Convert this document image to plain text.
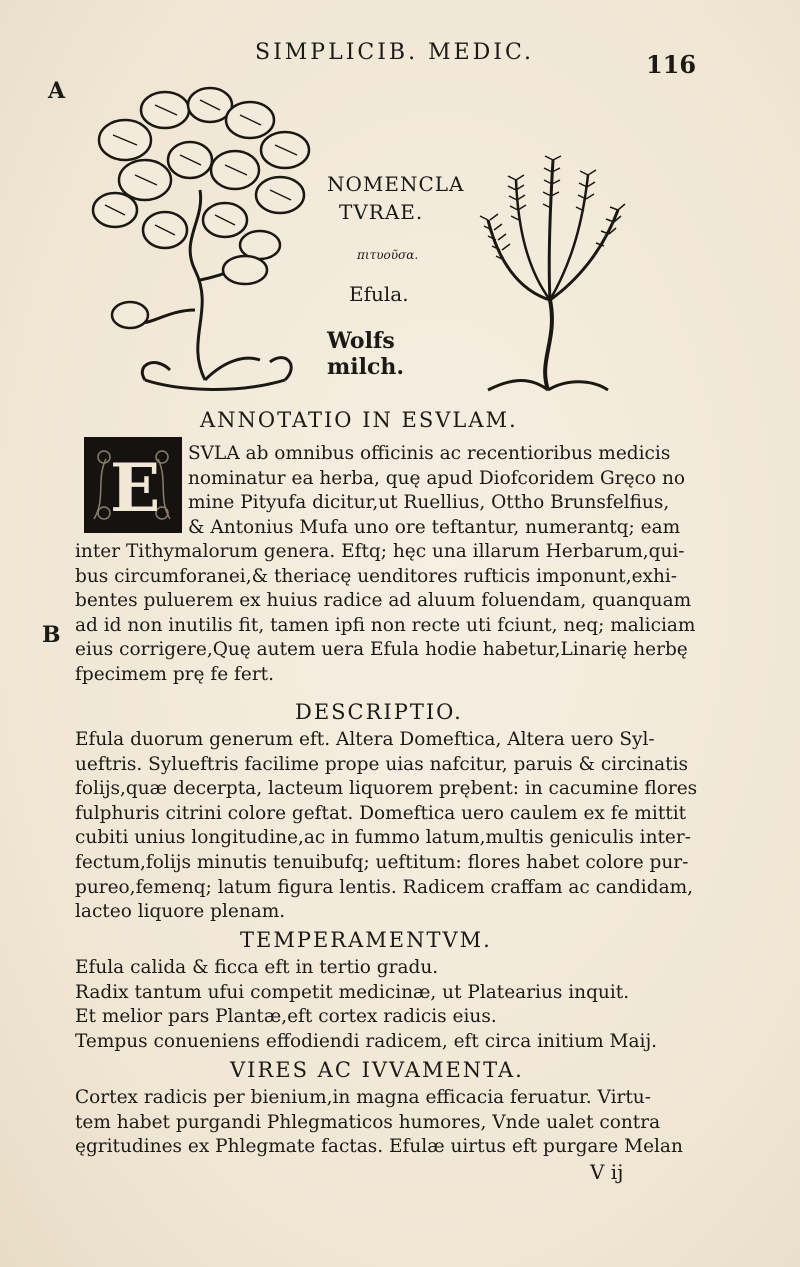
SIMPLICIB. MEDIC.	116
A
B
NOMENCLA
TVRAE.
πιτυοῦσα.
Efula.
Wolfs milch.
ANNOTATIO IN ESVLAM.
E SVLA ab omnibus officinis ac recentioribus medicis
nominatur ea herba, quę apud Diofcoridem Gręco no
mine Pityufa dicitur,ut Ruellius, Ottho Brunsfelfius,
& Antonius Mufa uno ore teftantur, numerantq; eam
inter Tithymalorum genera. Eftq; hęc una illarum Herbarum,qui-
bus circumforanei,& theriacę uenditores rufticis imponunt,exhi-
bentes puluerem ex huius radice ad aluum foluendam, quanquam
ad id non inutilis fit, tamen ipfi non recte uti fciunt, neq; maliciam
eius corrigere,Quę autem uera Efula hodie habetur,Linarię herbę
fpecimem prę fe fert.
DESCRIPTIO.
Efula duorum generum eft. Altera Domeftica, Altera uero Syl-
ueftris. Sylueftris facilime prope uias nafcitur, paruis & circinatis
folijs,quæ decerpta, lacteum liquorem prębent: in cacumine flores
fulphuris citrini colore geftat. Domeftica uero caulem ex fe mittit
cubiti unius longitudine,ac in fummo latum,multis geniculis inter-
fectum,folijs minutis tenuibufq; ueftitum: flores habet colore pur-
pureo,femenq; latum figura lentis. Radicem craffam ac candidam,
lacteo liquore plenam.
TEMPERAMENTVM.
Efula calida & ficca eft in tertio gradu.
Radix tantum ufui competit medicinæ, ut Platearius inquit.
Et melior pars Plantæ,eft cortex radicis eius.
Tempus conueniens effodiendi radicem, eft circa initium Maij.
VIRES AC IVVAMENTA.
Cortex radicis per bienium,in magna efficacia feruatur. Virtu-
tem habet purgandi Phlegmaticos humores, Vnde ualet contra
ęgritudines ex Phlegmate factas. Efulæ uirtus eft purgare Melan
V ij
